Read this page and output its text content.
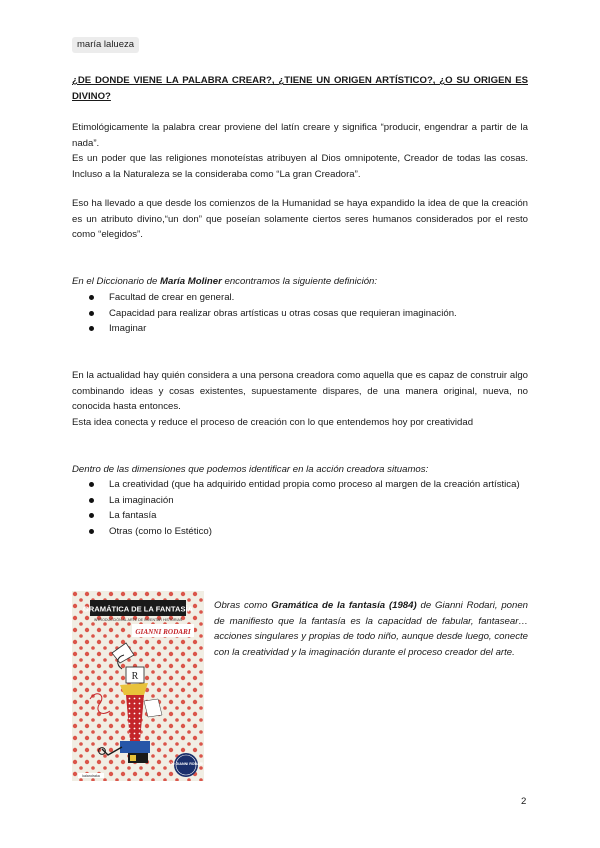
maría lalueza
¿DE DONDE VIENE LA PALABRA CREAR?, ¿TIENE UN ORIGEN ARTÍSTICO?, ¿O SU ORIGEN ES DIVINO?

Etimológicamente la palabra crear proviene del latín creare y significa “producir, engendrar a partir de la nada”.

Es un poder que las religiones monoteístas atribuyen al Dios omnipotente, Creador de todas las cosas. Incluso a la Naturaleza se la consideraba como “La gran Creadora”.

Eso ha llevado a que desde los comienzos de la Humanidad se haya expandido la idea de que la creación es un atributo divino,“un don” que poseían solamente ciertos seres humanos considerados por el resto como “elegidos”.

En el Diccionario de María Moliner encontramos la siguiente definición:
Facultad de crear en general.
Capacidad para realizar obras artísticas u otras cosas que requieran imaginación.
Imaginar

En la actualidad hay quién considera a una persona creadora como aquella que es capaz de construir algo combinando ideas y cosas existentes, supuestamente dispares, de una manera original, nueva, no conocida hasta entonces.

Esta idea conecta y reduce el proceso de creación con lo que entendemos hoy por creatividad

Dentro de las dimensiones que podemos identificar en la acción creadora situamos:
La creatividad (que ha adquirido entidad propia como proceso al margen de la creación artística)
La imaginación
La fantasía
Otras (como lo Estético)
GRAMÁTICA DE LA FANTASÍA
INTRODUCCIÓN AL ARTE DE INVENTAR HISTORIAS
GIANNI RODARI
R
kalandraka
100 GIANNI RODARI

Obras como Gramática de la fantasía (1984) de Gianni Rodari, ponen de manifiesto que la fantasía es la capacidad de fabular, fantasear… acciones singulares y propias de todo niño, aunque desde luego, conecte con la creatividad y la imaginación durante el proceso creador del arte.

2
